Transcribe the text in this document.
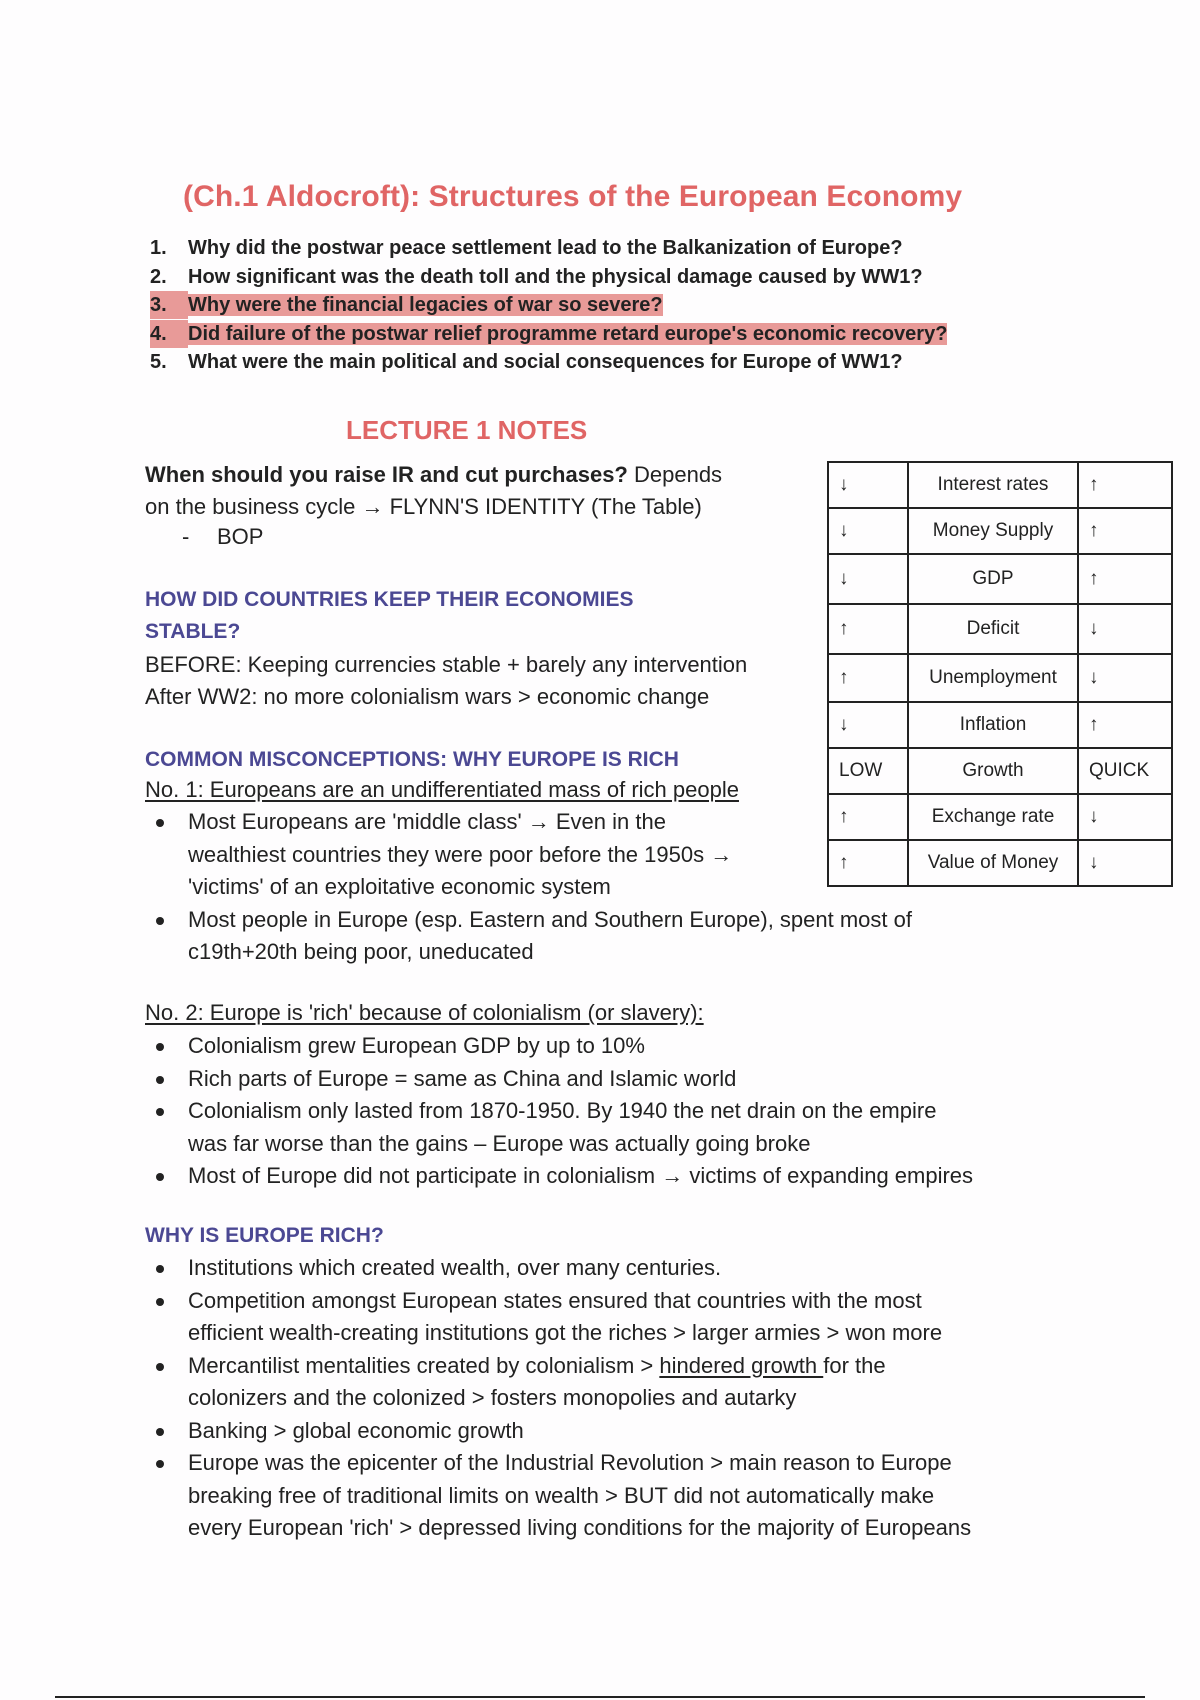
(Ch.1 Aldocroft): Structures of the European Economy
1. Why did the postwar peace settlement lead to the Balkanization of Europe?
2. How significant was the death toll and the physical damage caused by WW1?
3. Why were the financial legacies of war so severe?
4. Did failure of the postwar relief programme retard europe's economic recovery?
5. What were the main political and social consequences for Europe of WW1?
LECTURE 1 NOTES
When should you raise IR and cut purchases? Depends
on the business cycle → FLYNN'S IDENTITY (The Table)
- BOP
HOW DID COUNTRIES KEEP THEIR ECONOMIES
STABLE?
BEFORE: Keeping currencies stable + barely any intervention
After WW2: no more colonialism wars > economic change
COMMON MISCONCEPTIONS: WHY EUROPE IS RICH
No. 1: Europeans are an undifferentiated mass of rich people
Most Europeans are 'middle class' → Even in the
wealthiest countries they were poor before the 1950s →
'victims' of an exploitative economic system
Most people in Europe (esp. Eastern and Southern Europe), spent most of
c19th+20th being poor, uneducated
No. 2: Europe is 'rich' because of colonialism (or slavery):
Colonialism grew European GDP by up to 10%
Rich parts of Europe = same as China and Islamic world
Colonialism only lasted from 1870-1950. By 1940 the net drain on the empire
was far worse than the gains – Europe was actually going broke
Most of Europe did not participate in colonialism → victims of expanding empires
WHY IS EUROPE RICH?
Institutions which created wealth, over many centuries.
Competition amongst European states ensured that countries with the most
efficient wealth-creating institutions got the riches > larger armies > won more
Mercantilist mentalities created by colonialism > hindered growth for the
colonizers and the colonized > fosters monopolies and autarky
Banking > global economic growth
Europe was the epicenter of the Industrial Revolution > main reason to Europe
breaking free of traditional limits on wealth > BUT did not automatically make
every European 'rich' > depressed living conditions for the majority of Europeans
↓	Interest rates	↑
↓	Money Supply	↑
↓	GDP	↑
↑	Deficit	↓
↑	Unemployment	↓
↓	Inflation	↑
LOW	Growth	QUICK
↑	Exchange rate	↓
↑	Value of Money	↓
